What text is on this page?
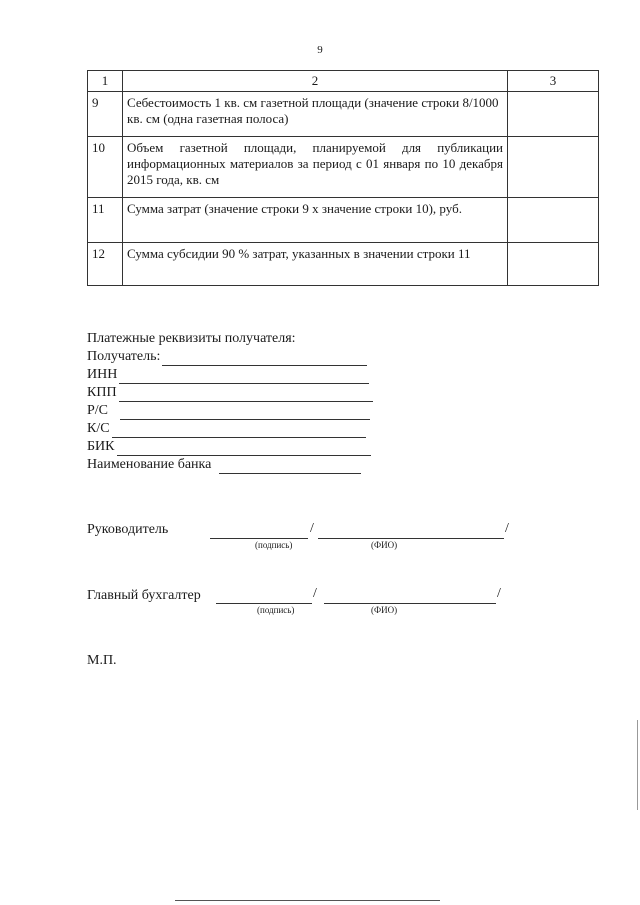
9
1	2	3
9	Себестоимость 1 кв. см газетной площади (значение строки 8/1000 кв. см (одна газетная полоса)	
10	Объем газетной площади, планируемой для публикации информационных материалов за период с 01 января по 10 декабря 2015 года, кв. см	
11	Сумма затрат (значение строки 9 х значение строки 10), руб.	
12	Сумма субсидии 90 % затрат, указанных в значении строки 11	
Платежные реквизиты получателя:
Получатель:
ИНН
КПП
Р/С
К/С
БИК
Наименование банка
Руководитель	/	/
(подпись)	(ФИО)
Главный бухгалтер	/	/
(подпись)	(ФИО)
М.П.
